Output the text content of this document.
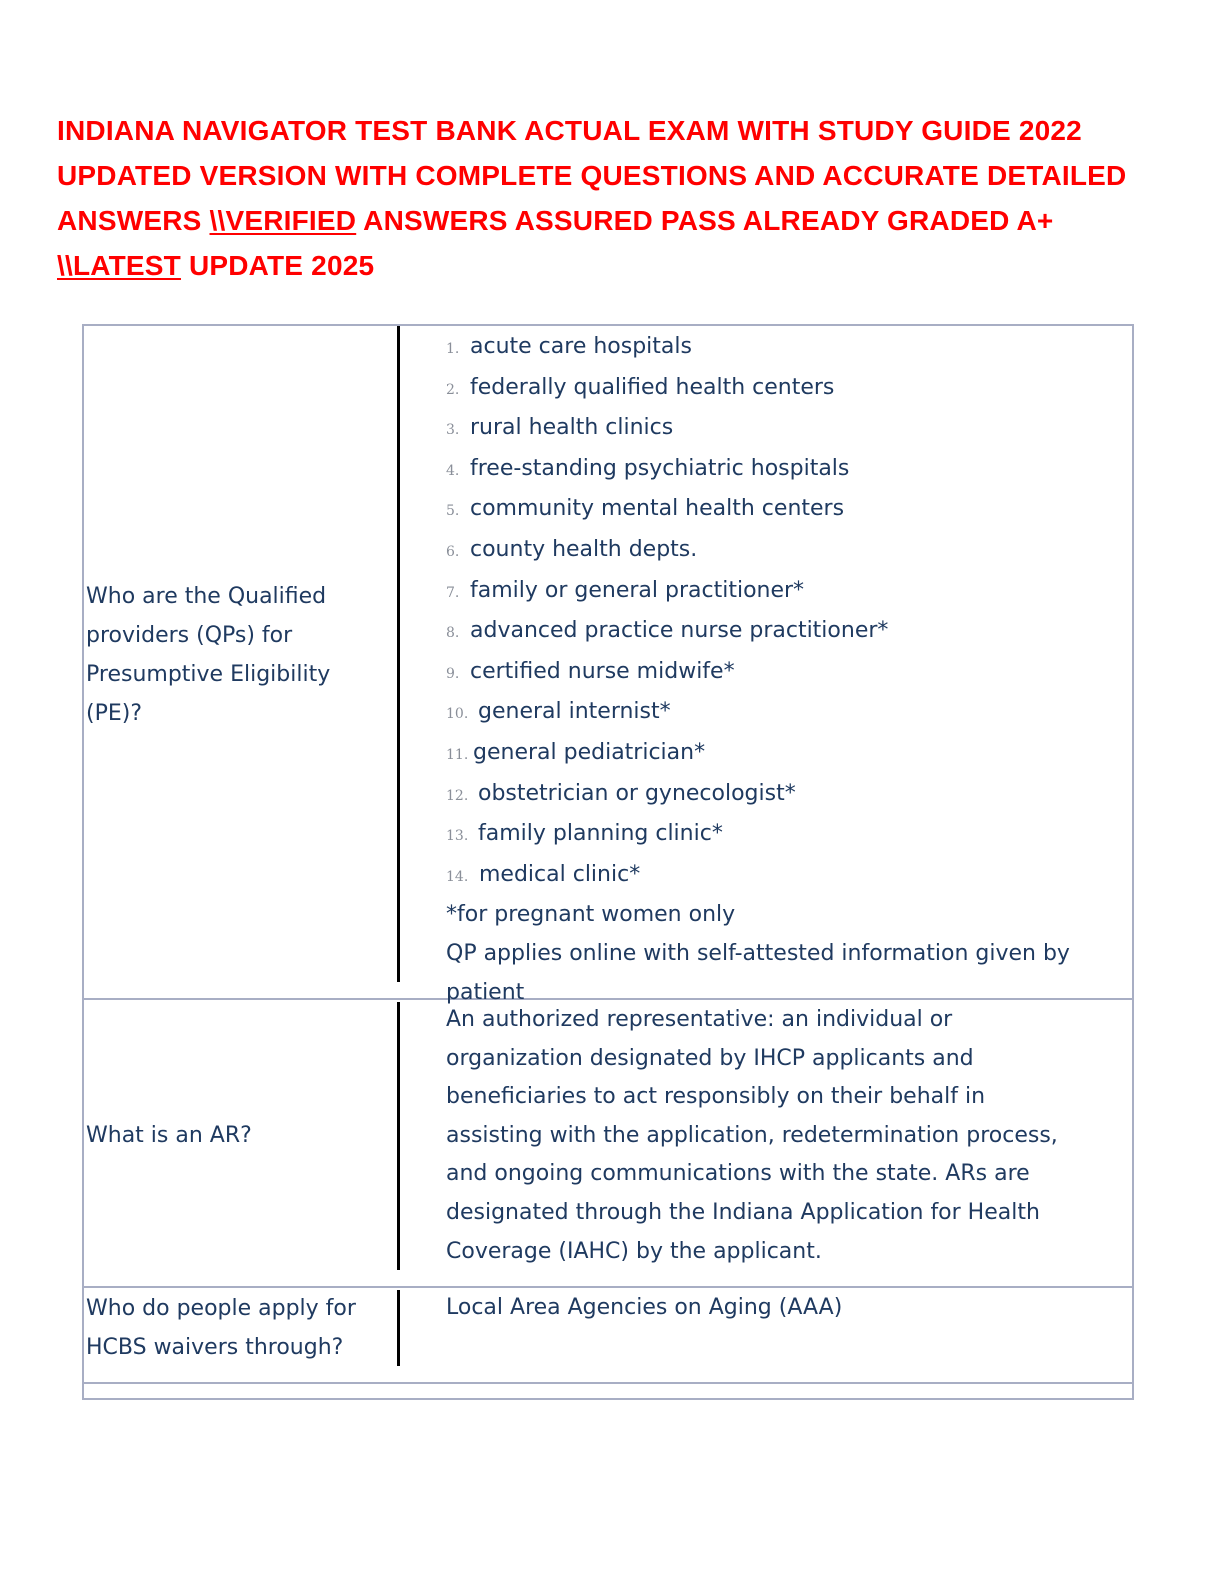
INDIANA NAVIGATOR TEST BANK ACTUAL EXAM WITH STUDY GUIDE 2022 UPDATED VERSION WITH COMPLETE QUESTIONS AND ACCURATE DETAILED ANSWERS \\VERIFIED ANSWERS ASSURED PASS ALREADY GRADED A+ \\LATEST UPDATE 2025
Who are the Qualified providers (QPs) for Presumptive Eligibility (PE)?
1. acute care hospitals
2. federally qualified health centers
3. rural health clinics
4. free-standing psychiatric hospitals
5. community mental health centers
6. county health depts.
7. family or general practitioner*
8. advanced practice nurse practitioner*
9. certified nurse midwife*
10. general internist*
11. general pediatrician*
12. obstetrician or gynecologist*
13. family planning clinic*
14. medical clinic*

*for pregnant women only

QP applies online with self-attested information given by patient

What is an AR?
An authorized representative: an individual or organization designated by IHCP applicants and beneficiaries to act responsibly on their behalf in assisting with the application, redetermination process, and ongoing communications with the state. ARs are designated through the Indiana Application for Health Coverage (IAHC) by the applicant.
Who do people apply for HCBS waivers through?
Local Area Agencies on Aging (AAA)
